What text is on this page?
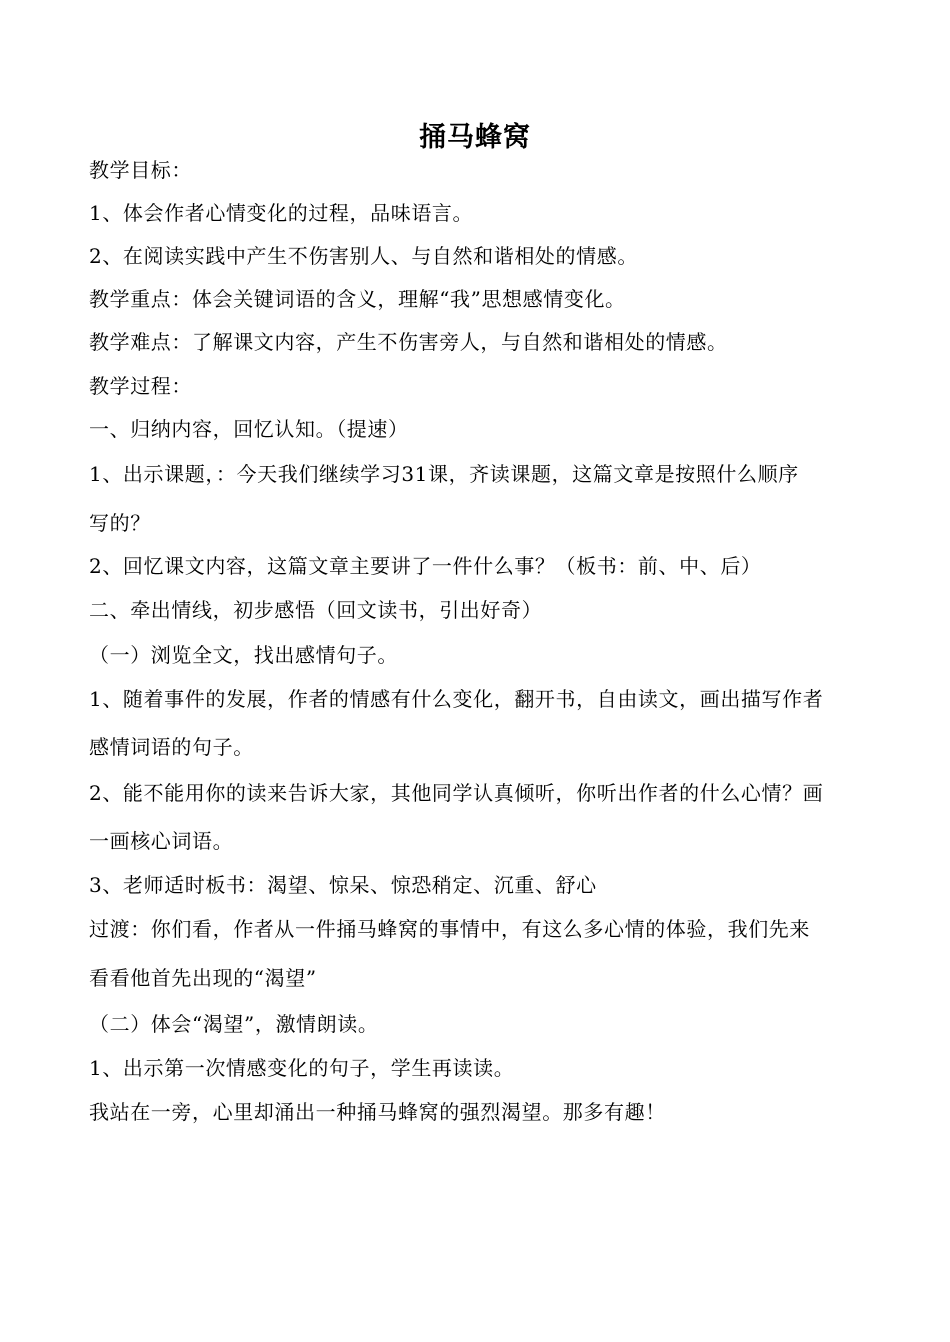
捅马蜂窝
教学目标：
1、体会作者心情变化的过程，品味语言。
2、在阅读实践中产生不伤害别人、与自然和谐相处的情感。
教学重点：体会关键词语的含义，理解“我”思想感情变化。
教学难点：了解课文内容，产生不伤害旁人，与自然和谐相处的情感。
教学过程：
一、归纳内容，回忆认知。（提速）
1、出示课题，：今天我们继续学习31课，齐读课题，这篇文章是按照什么顺序
写的？
2、回忆课文内容，这篇文章主要讲了一件什么事？（板书：前、中、后）
二、牵出情线，初步感悟（回文读书，引出好奇）
（一）浏览全文，找出感情句子。
1、随着事件的发展，作者的情感有什么变化，翻开书，自由读文，画出描写作者
感情词语的句子。
2、能不能用你的读来告诉大家，其他同学认真倾听，你听出作者的什么心情？画
一画核心词语。
3、老师适时板书：渴望、惊呆、惊恐稍定、沉重、舒心
过渡：你们看，作者从一件捅马蜂窝的事情中，有这么多心情的体验，我们先来
看看他首先出现的“渴望”
（二）体会“渴望”，激情朗读。
1、出示第一次情感变化的句子，学生再读读。
我站在一旁，心里却涌出一种捅马蜂窝的强烈渴望。那多有趣！
